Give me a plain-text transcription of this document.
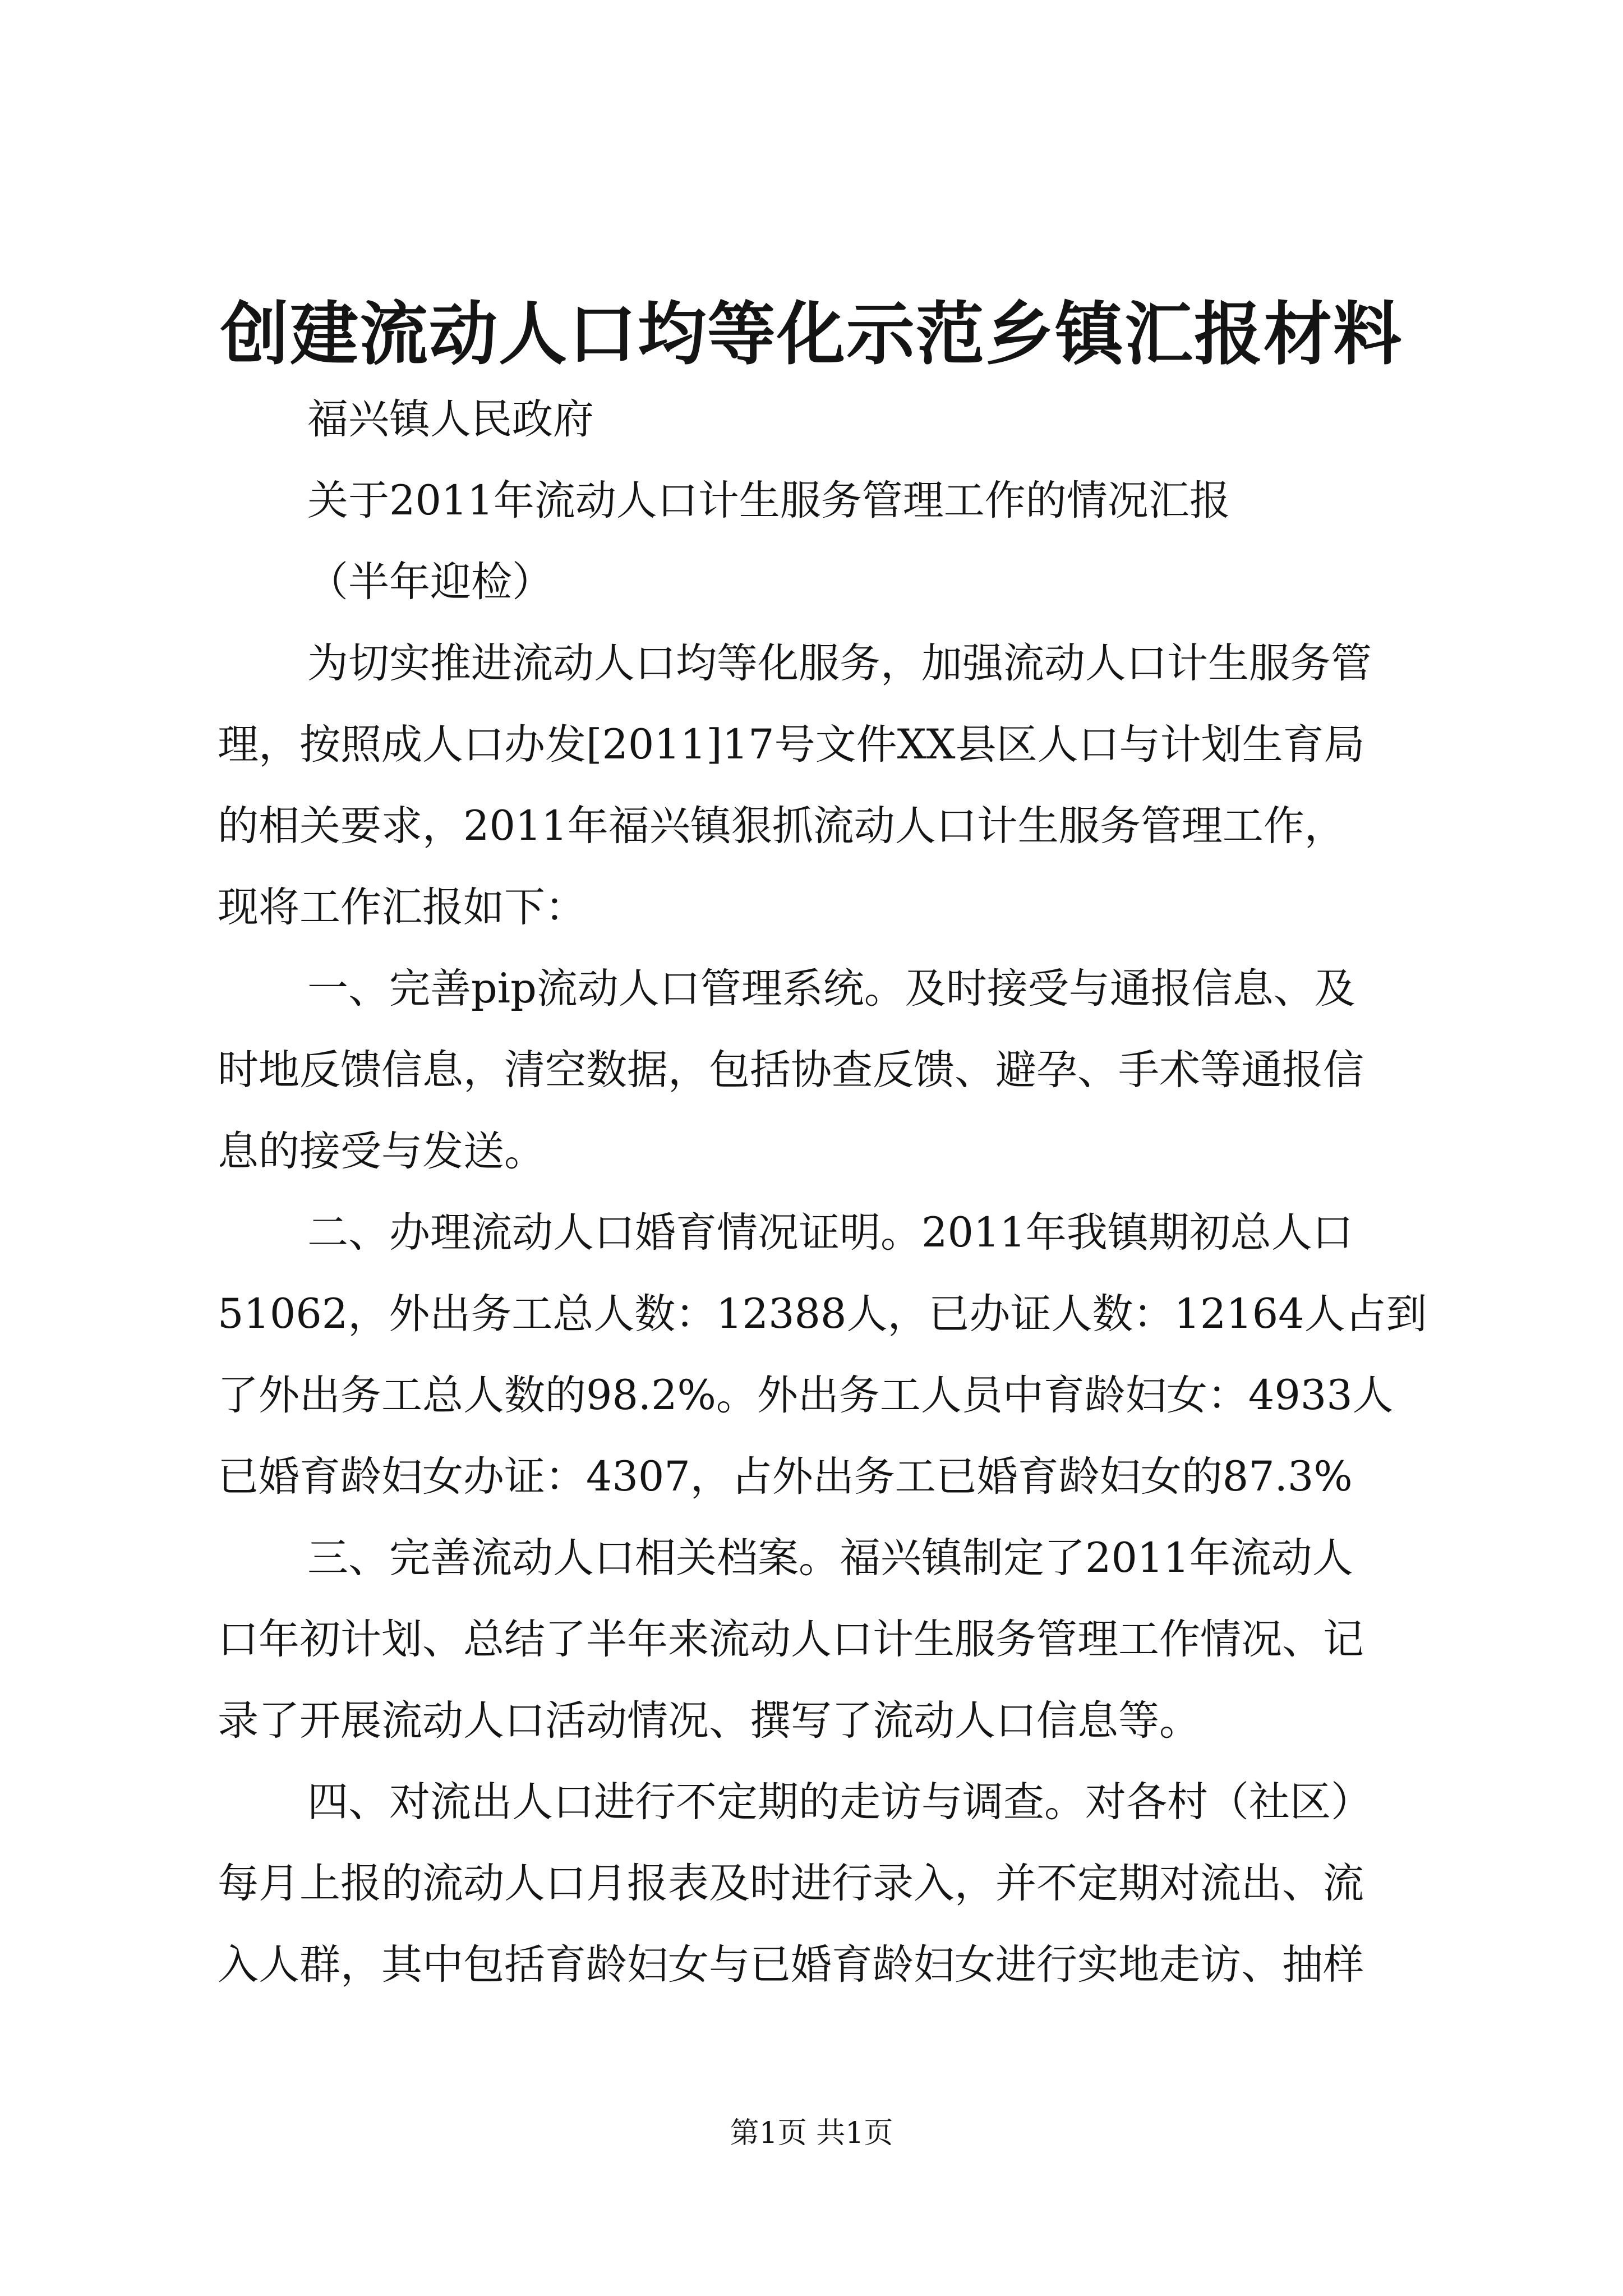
创建流动人口均等化示范乡镇汇报材料

福兴镇人民政府

关于2011年流动人口计生服务管理工作的情况汇报

（半年迎检）

为切实推进流动人口均等化服务，加强流动人口计生服务管

理，按照成人口办发[2011]17号文件XX县区人口与计划生育局

的相关要求，2011年福兴镇狠抓流动人口计生服务管理工作，

现将工作汇报如下：

一、完善pip流动人口管理系统。及时接受与通报信息、及

时地反馈信息，清空数据，包括协查反馈、避孕、手术等通报信

息的接受与发送。

二、办理流动人口婚育情况证明。2011年我镇期初总人口

51062，外出务工总人数：12388人，已办证人数：12164人占到

了外出务工总人数的98.2%。外出务工人员中育龄妇女：4933人

已婚育龄妇女办证：4307，占外出务工已婚育龄妇女的87.3%

三、完善流动人口相关档案。福兴镇制定了2011年流动人

口年初计划、总结了半年来流动人口计生服务管理工作情况、记

录了开展流动人口活动情况、撰写了流动人口信息等。

四、对流出人口进行不定期的走访与调查。对各村（社区）

每月上报的流动人口月报表及时进行录入，并不定期对流出、流

入人群，其中包括育龄妇女与已婚育龄妇女进行实地走访、抽样

第1页 共1页
